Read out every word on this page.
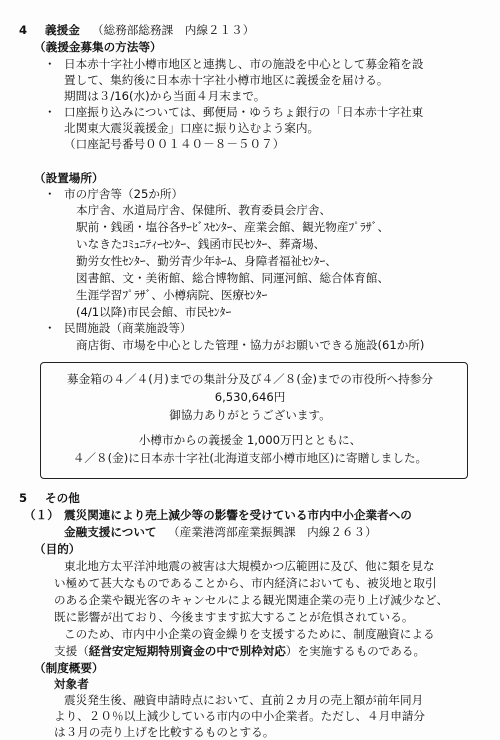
4 義援金 （総務部総務課　内線２１３）
（義援金募集の方法等）
・ 日本赤十字社小樽市地区と連携し、市の施設を中心として募金箱を設
置して、集約後に日本赤十字社小樽市地区に義援金を届ける。
期間は３/16(水)から当面４月末まで。
・ 口座振り込みについては、郵便局・ゆうちょ銀行の「日本赤十字社東
北関東大震災義援金」口座に振り込むよう案内。
（口座記号番号００１４０－８－５０７）
（設置場所）
・ 市の庁舎等（25か所）
本庁舎、水道局庁舎、保健所、教育委員会庁舎、
駅前・銭函・塩谷各ｻｰﾋﾞｽｾﾝﾀｰ、産業会館、観光物産ﾌﾟﾗｻﾞ、
いなきたｺﾐｭﾆﾃｨｰｾﾝﾀｰ、銭函市民ｾﾝﾀｰ、葬斎場、
勤労女性ｾﾝﾀｰ、勤労青少年ﾎｰﾑ、身障者福祉ｾﾝﾀｰ、
図書館、文・美術館、総合博物館、同運河館、総合体育館、
生涯学習ﾌﾟﾗｻﾞ、小樽病院、医療ｾﾝﾀｰ
(4/1以降)市民会館、市民ｾﾝﾀｰ
・ 民間施設（商業施設等）
商店街、市場を中心とした管理・協力がお願いできる施設(61か所)
募金箱の４／４(月)までの集計分及び４／８(金)までの市役所へ持参分
6,530,646円
御協力ありがとうございます。
小樽市からの義援金 1,000万円とともに、
４／８(金)に日本赤十字社(北海道支部小樽市地区)に寄贈しました。
5 その他
（１） 震災関連により売上減少等の影響を受けている市内中小企業者への
金融支援について （産業港湾部産業振興課　内線２６３）
（目的）
東北地方太平洋沖地震の被害は大規模かつ広範囲に及び、他に類を見な
い極めて甚大なものであることから、市内経済においても、被災地と取引
のある企業や観光客のキャンセルによる観光関連企業の売り上げ減少など、
既に影響が出ており、今後ますます拡大することが危惧されている。
このため、市内中小企業の資金繰りを支援するために、制度融資による
支援（経営安定短期特別資金の中で別枠対応）を実施するものである。
（制度概要）
対象者
震災発生後、融資申請時点において、直前２カ月の売上額が前年同月
より、２０％以上減少している市内の中小企業者。ただし、４月申請分
は３月の売り上げを比較するものとする。
